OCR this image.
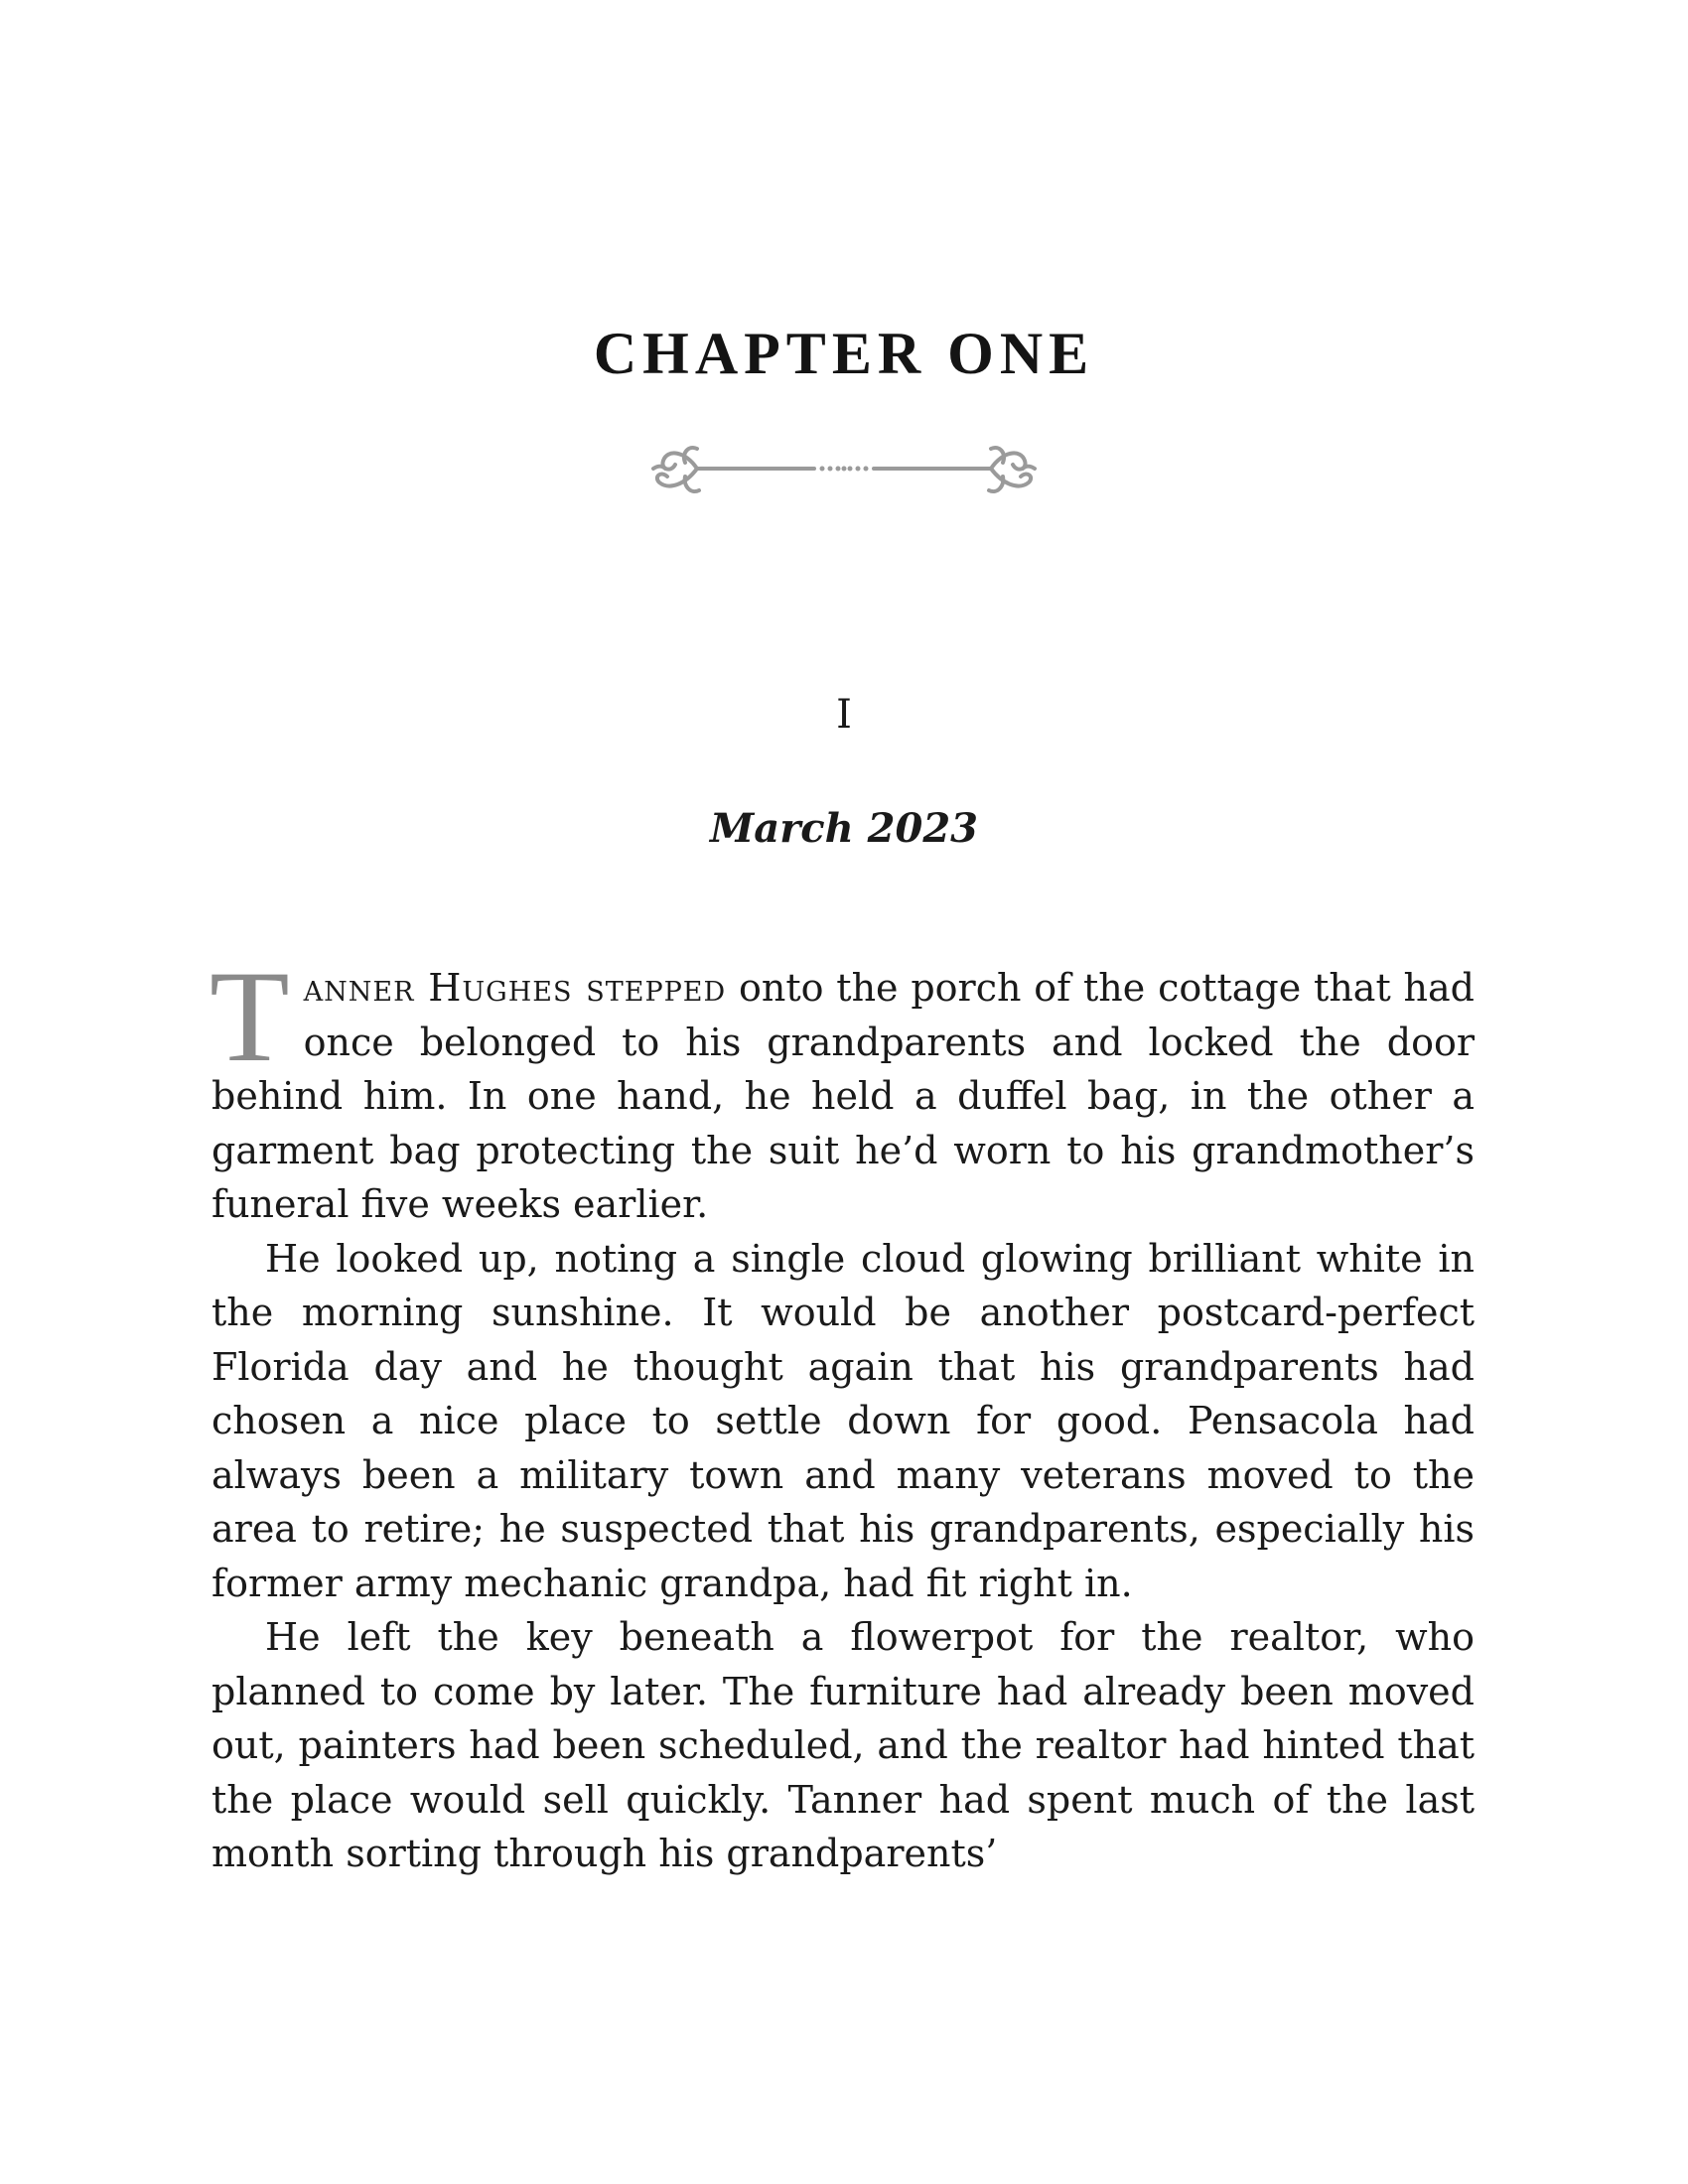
CHAPTER ONE

I

March 2023

Tanner Hughes stepped onto the porch of the cottage that had once belonged to his grandparents and locked the door behind him. In one hand, he held a duffel bag, in the other a garment bag protecting the suit he’d worn to his grandmother’s funeral five weeks earlier.

He looked up, noting a single cloud glowing brilliant white in the morning sunshine. It would be another postcard-perfect Florida day and he thought again that his grandparents had chosen a nice place to settle down for good. Pensacola had always been a military town and many veterans moved to the area to retire; he suspected that his grandparents, especially his former army mechanic grandpa, had fit right in.

He left the key beneath a flowerpot for the realtor, who planned to come by later. The furniture had already been moved out, painters had been scheduled, and the realtor had hinted that the place would sell quickly. Tanner had spent much of the last month sorting through his grandparents’
